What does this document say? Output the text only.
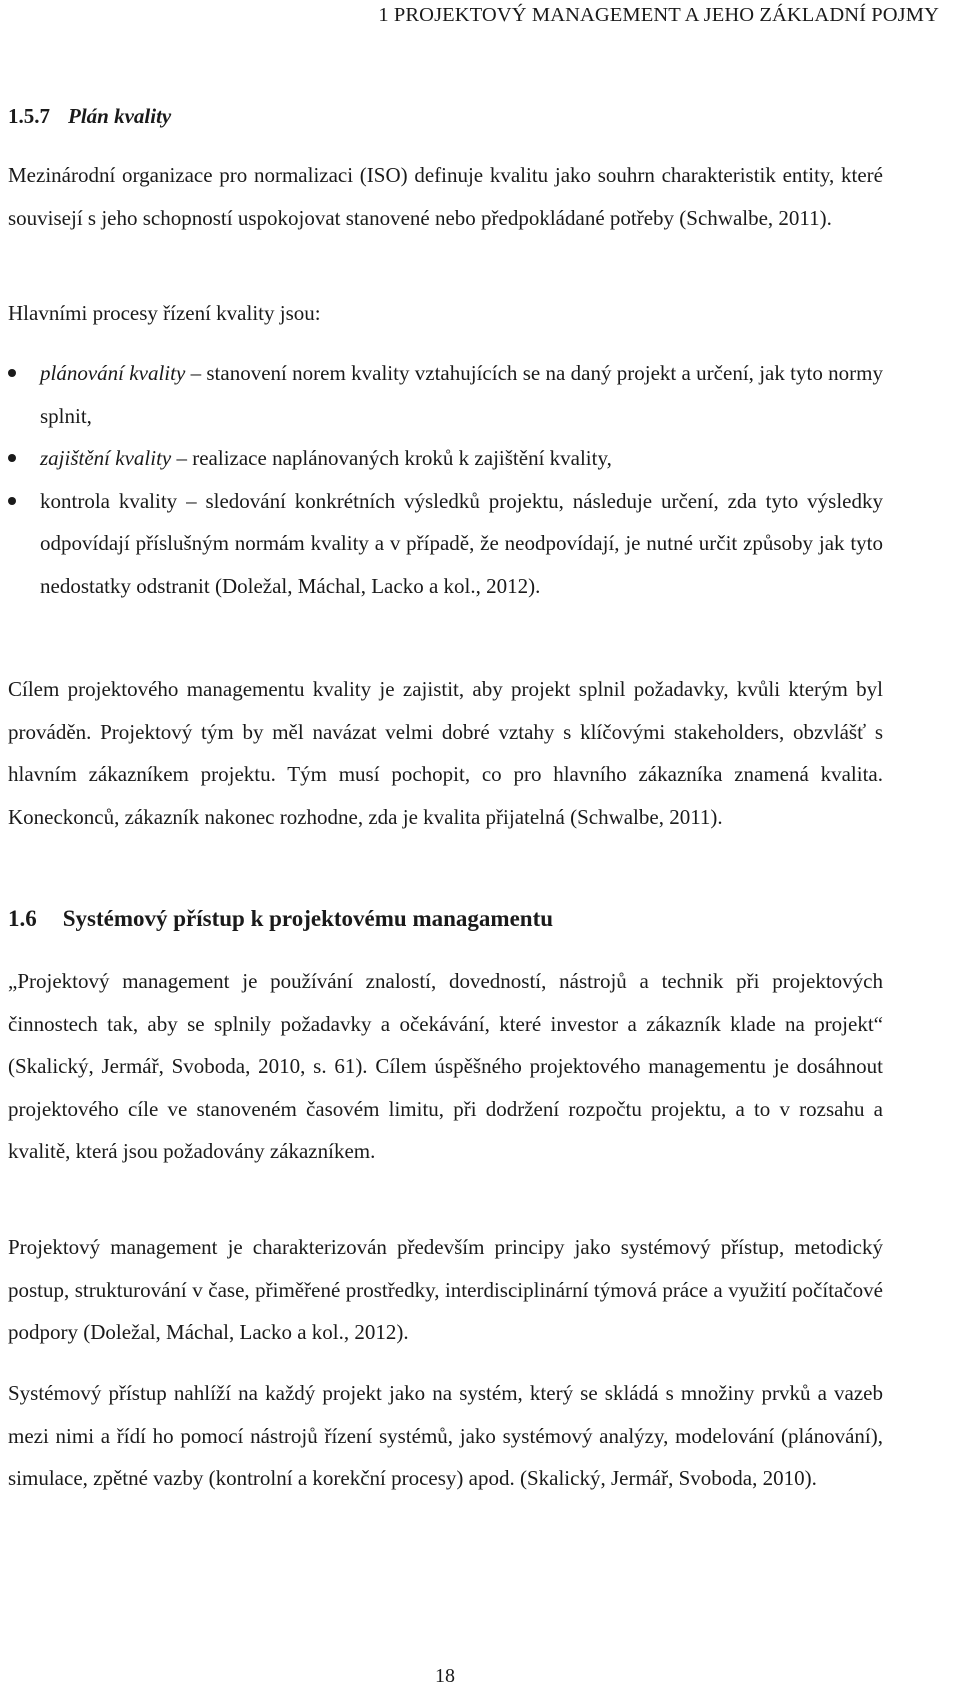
1 PROJEKTOVÝ MANAGEMENT A JEHO ZÁKLADNÍ POJMY
1.5.7 Plán kvality

Mezinárodní organizace pro normalizaci (ISO) definuje kvalitu jako souhrn charakteristik entity, které souvisejí s jeho schopností uspokojovat stanovené nebo předpokládané potřeby (Schwalbe, 2011).

Hlavními procesy řízení kvality jsou:

plánování kvality – stanovení norem kvality vztahujících se na daný projekt a určení, jak tyto normy splnit,
zajištění kvality – realizace naplánovaných kroků k zajištění kvality,
kontrola kvality – sledování konkrétních výsledků projektu, následuje určení, zda tyto výsledky odpovídají příslušným normám kvality a v případě, že neodpovídají, je nutné určit způsoby jak tyto nedostatky odstranit (Doležal, Máchal, Lacko a kol., 2012).

Cílem projektového managementu kvality je zajistit, aby projekt splnil požadavky, kvůli kterým byl prováděn. Projektový tým by měl navázat velmi dobré vztahy s klíčovými stakeholders, obzvlášť s hlavním zákazníkem projektu. Tým musí pochopit, co pro hlavního zákazníka znamená kvalita. Koneckonců, zákazník nakonec rozhodne, zda je kvalita přijatelná (Schwalbe, 2011).

1.6 Systémový přístup k projektovému managamentu

„Projektový management je používání znalostí, dovedností, nástrojů a technik při projektových činnostech tak, aby se splnily požadavky a očekávání, které investor a zákazník klade na projekt“ (Skalický, Jermář, Svoboda, 2010, s. 61). Cílem úspěšného projektového managementu je dosáhnout projektového cíle ve stanoveném časovém limitu, při dodržení rozpočtu projektu, a to v rozsahu a kvalitě, která jsou požadovány zákazníkem.

Projektový management je charakterizován především principy jako systémový přístup, metodický postup, strukturování v čase, přiměřené prostředky, interdisciplinární týmová práce a využití počítačové podpory (Doležal, Máchal, Lacko a kol., 2012).

Systémový přístup nahlíží na každý projekt jako na systém, který se skládá s množiny prvků a vazeb mezi nimi a řídí ho pomocí nástrojů řízení systémů, jako systémový analýzy, modelování (plánování), simulace, zpětné vazby (kontrolní a korekční procesy) apod. (Skalický, Jermář, Svoboda, 2010).

18
